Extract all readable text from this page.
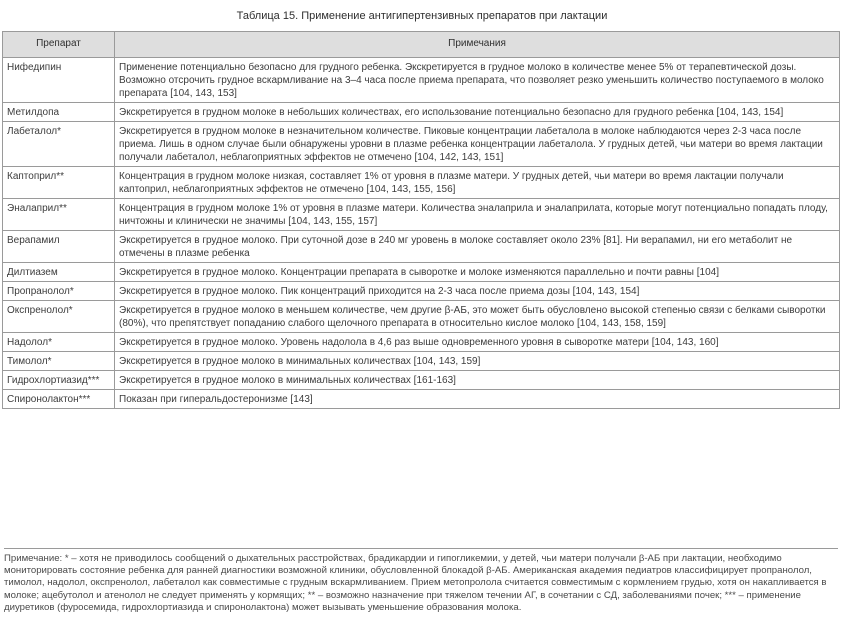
Таблица 15. Применение антигипертензивных препаратов при лактации
Препарат	Примечания
Нифедипин	Применение потенциально безопасно для грудного ребенка. Экскретируется в грудное молоко в количестве менее 5% от терапевтической дозы. Возможно отсрочить грудное вскармливание на 3–4 часа после приема препарата, что позволяет резко уменьшить количество поступаемого в молоко препарата [104, 143, 153]
Метилдопа	Экскретируется в грудном молоке в небольших количествах, его использование потенциально безопасно для грудного ребенка [104, 143, 154]
Лабеталол*	Экскретируется в грудном молоке в незначительном количестве. Пиковые концентрации лабеталола в молоке наблюдаются через 2-3 часа после приема. Лишь в одном случае были обнаружены уровни в плазме ребенка концентрации лабеталола. У грудных детей, чьи матери во время лактации получали лабеталол, неблагоприятных эффектов не отмечено [104, 142, 143, 151]
Каптоприл**	Концентрация в грудном молоке низкая, составляет 1% от уровня в плазме матери. У грудных детей, чьи матери во время лактации получали каптоприл, неблагоприятных эффектов не отмечено [104, 143, 155, 156]
Эналаприл**	Концентрация в грудном молоке 1% от уровня в плазме матери. Количества эналаприла и эналаприлата, которые могут потенциально попадать плоду, ничтожны и клинически не значимы [104, 143, 155, 157]
Верапамил	Экскретируется в грудное молоко. При суточной дозе в 240 мг уровень в молоке составляет около 23% [81]. Ни верапамил, ни его метаболит не отмечены в плазме ребенка
Дилтиазем	Экскретируется в грудное молоко. Концентрации препарата в сыворотке и молоке изменяются параллельно и почти равны [104]
Пропранолол*	Экскретируется в грудное молоко. Пик концентраций приходится на 2-3 часа после приема дозы [104, 143, 154]
Окспренолол*	Экскретируется в грудное молоко в меньшем количестве, чем другие β-АБ, это может быть обусловлено высокой степенью связи с белками сыворотки (80%), что препятствует попаданию слабого щелочного препарата в относительно кислое молоко [104, 143, 158, 159]
Надолол*	Экскретируется в грудное молоко. Уровень надолола в 4,6 раз выше одновременного уровня в сыворотке матери [104, 143, 160]
Тимолол*	Экскретируется в грудное молоко в минимальных количествах [104, 143, 159]
Гидрохлортиазид***	Экскретируется в грудное молоко в минимальных количествах [161-163]
Спиронолактон***	Показан при гиперальдостеронизме [143]
Примечание: * – хотя не приводилось сообщений о дыхательных расстройствах, брадикардии и гипогликемии, у детей, чьи матери получали β-АБ при лактации, необходимо мониторировать состояние ребенка для ранней диагностики возможной клиники, обусловленной блокадой β-АБ. Американская академия педиатров классифицирует пропранолол, тимолол, надолол, окспренолол, лабеталол как совместимые с грудным вскармливанием. Прием метопролола считается совместимым с кормлением грудью, хотя он накапливается в молоке; ацебутолол и атенолол не следует применять у кормящих; ** – возможно назначение при тяжелом течении АГ, в сочетании с СД, заболеваниями почек; *** – применение диуретиков (фуросемида, гидрохлортиазида и спиронолактона) может вызывать уменьшение образования молока.
